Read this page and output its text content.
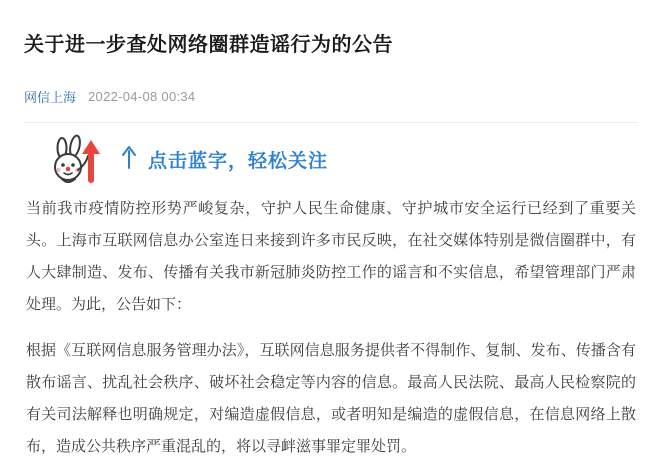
关于进一步查处网络圈群造谣行为的公告
网信上海 2022-04-08 00:34
点击蓝字，轻松关注

当前我市疫情防控形势严峻复杂，守护人民生命健康、守护城市安全运行已经到了重要关头。上海市互联网信息办公室连日来接到许多市民反映，在社交媒体特别是微信圈群中，有人大肆制造、发布、传播有关我市新冠肺炎防控工作的谣言和不实信息，希望管理部门严肃处理。为此，公告如下：

根据《互联网信息服务管理办法》，互联网信息服务提供者不得制作、复制、发布、传播含有散布谣言、扰乱社会秩序、破坏社会稳定等内容的信息。最高人民法院、最高人民检察院的有关司法解释也明确规定，对编造虚假信息，或者明知是编造的虚假信息，在信息网络上散布，造成公共秩序严重混乱的，将以寻衅滋事罪定罪处罚。
